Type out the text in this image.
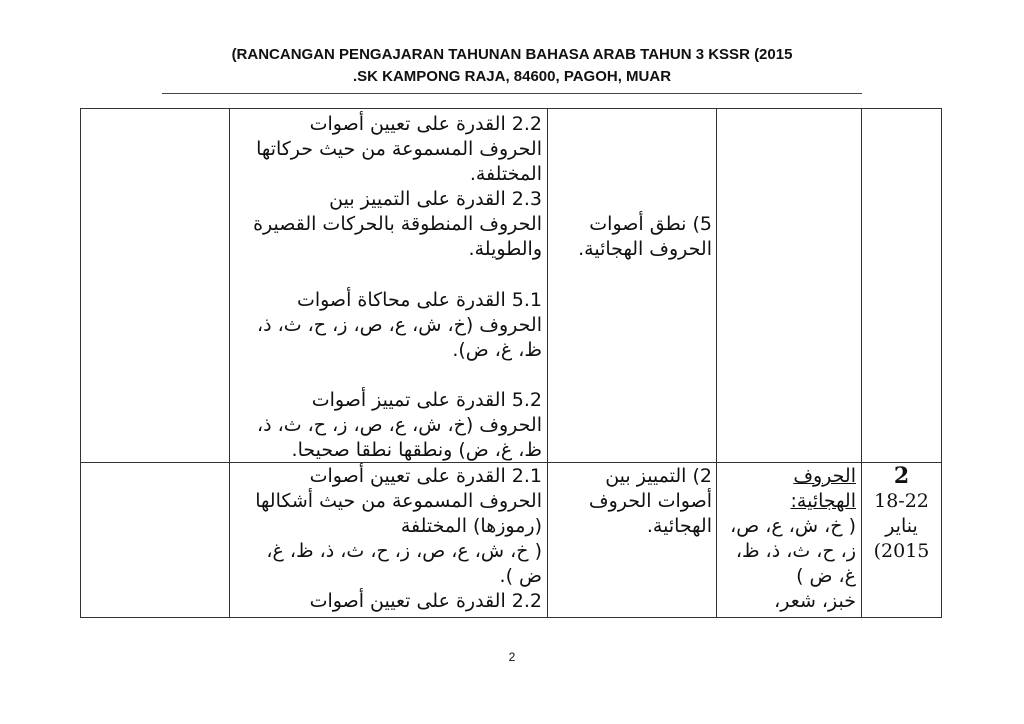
(RANCANGAN PENGAJARAN TAHUNAN BAHASA ARAB TAHUN 3 KSSR (2015
.SK KAMPONG RAJA, 84600, PAGOH, MUAR
2.2 القدرة على تعيين أصوات
الحروف المسموعة من حيث حركاتها
المختلفة.
2.3 القدرة على التمييز بين
الحروف المنطوقة بالحركات القصيرة
والطويلة.
5.1 القدرة على محاكاة أصوات
الحروف (خ، ش، ع، ص، ز، ح، ث، ذ،
ظ، غ، ض).
5.2 القدرة على تمييز أصوات
الحروف (خ، ش، ع، ص، ز، ح، ث، ذ،
ظ، غ، ض) ونطقها نطقا صحيحا.
5) نطق أصوات
الحروف الهجائية.
2.1 القدرة على تعيين أصوات
الحروف المسموعة من حيث أشكالها
(رموزها) المختلفة
( خ، ش، ع، ص، ز، ح، ث، ذ، ظ، غ،
ض ).
2.2 القدرة على تعيين أصوات
2) التمييز بين
أصوات الحروف
الهجائية.
الحروف
الهجائية:
( خ، ش، ع، ص،
ز، ح، ث، ذ، ظ،
غ، ض )
خبز، شعر،
2
18-22
يناير
(2015
2
